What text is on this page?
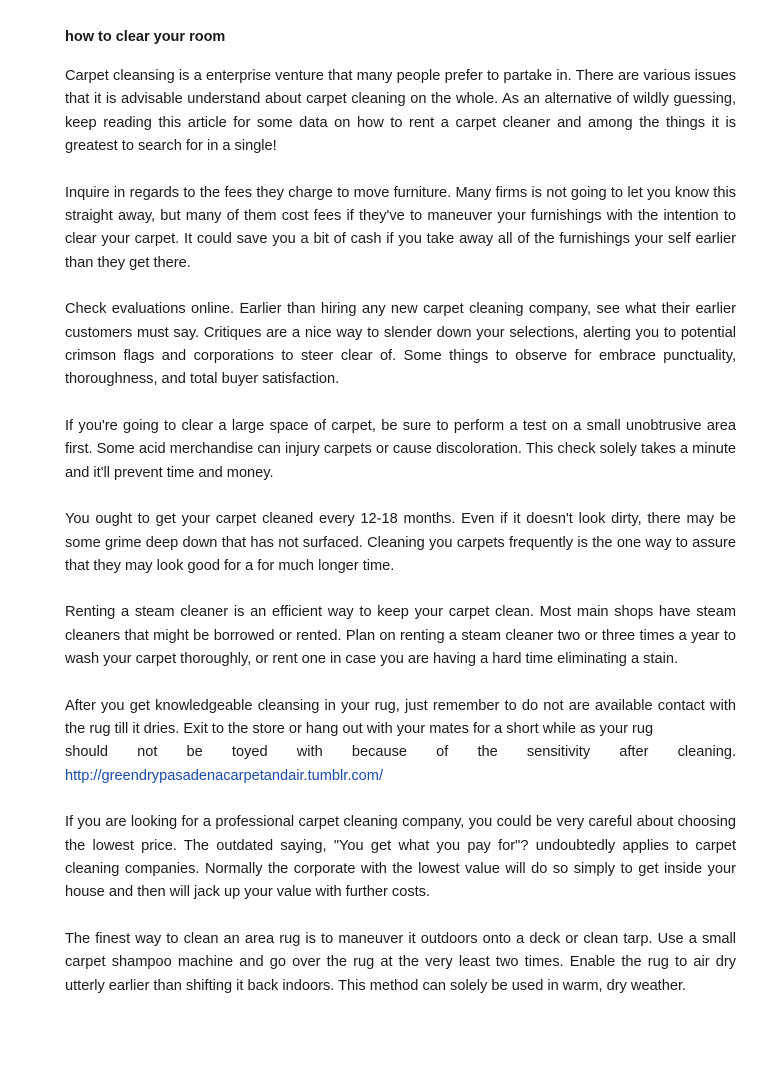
how to clear your room

Carpet cleansing is a enterprise venture that many people prefer to partake in. There are various issues that it is advisable understand about carpet cleaning on the whole. As an alternative of wildly guessing, keep reading this article for some data on how to rent a carpet cleaner and among the things it is greatest to search for in a single!

Inquire in regards to the fees they charge to move furniture. Many firms is not going to let you know this straight away, but many of them cost fees if they've to maneuver your furnishings with the intention to clear your carpet. It could save you a bit of cash if you take away all of the furnishings your self earlier than they get there.

Check evaluations online. Earlier than hiring any new carpet cleaning company, see what their earlier customers must say. Critiques are a nice way to slender down your selections, alerting you to potential crimson flags and corporations to steer clear of. Some things to observe for embrace punctuality, thoroughness, and total buyer satisfaction.

If you're going to clear a large space of carpet, be sure to perform a test on a small unobtrusive area first. Some acid merchandise can injury carpets or cause discoloration. This check solely takes a minute and it'll prevent time and money.

You ought to get your carpet cleaned every 12-18 months. Even if it doesn't look dirty, there may be some grime deep down that has not surfaced. Cleaning you carpets frequently is the one way to assure that they may look good for a for much longer time.

Renting a steam cleaner is an efficient way to keep your carpet clean. Most main shops have steam cleaners that might be borrowed or rented. Plan on renting a steam cleaner two or three times a year to wash your carpet thoroughly, or rent one in case you are having a hard time eliminating a stain.

After you get knowledgeable cleansing in your rug, just remember to do not are available contact with the rug till it dries. Exit to the store or hang out with your mates for a short while as your rug
should not be toyed with because of the sensitivity after cleaning.
http://greendrypasadenacarpetandair.tumblr.com/

If you are looking for a professional carpet cleaning company, you could be very careful about choosing the lowest price. The outdated saying, "You get what you pay for"? undoubtedly applies to carpet cleaning companies. Normally the corporate with the lowest value will do so simply to get inside your house and then will jack up your value with further costs.

The finest way to clean an area rug is to maneuver it outdoors onto a deck or clean tarp. Use a small carpet shampoo machine and go over the rug at the very least two times. Enable the rug to air dry utterly earlier than shifting it back indoors. This method can solely be used in warm, dry weather.
